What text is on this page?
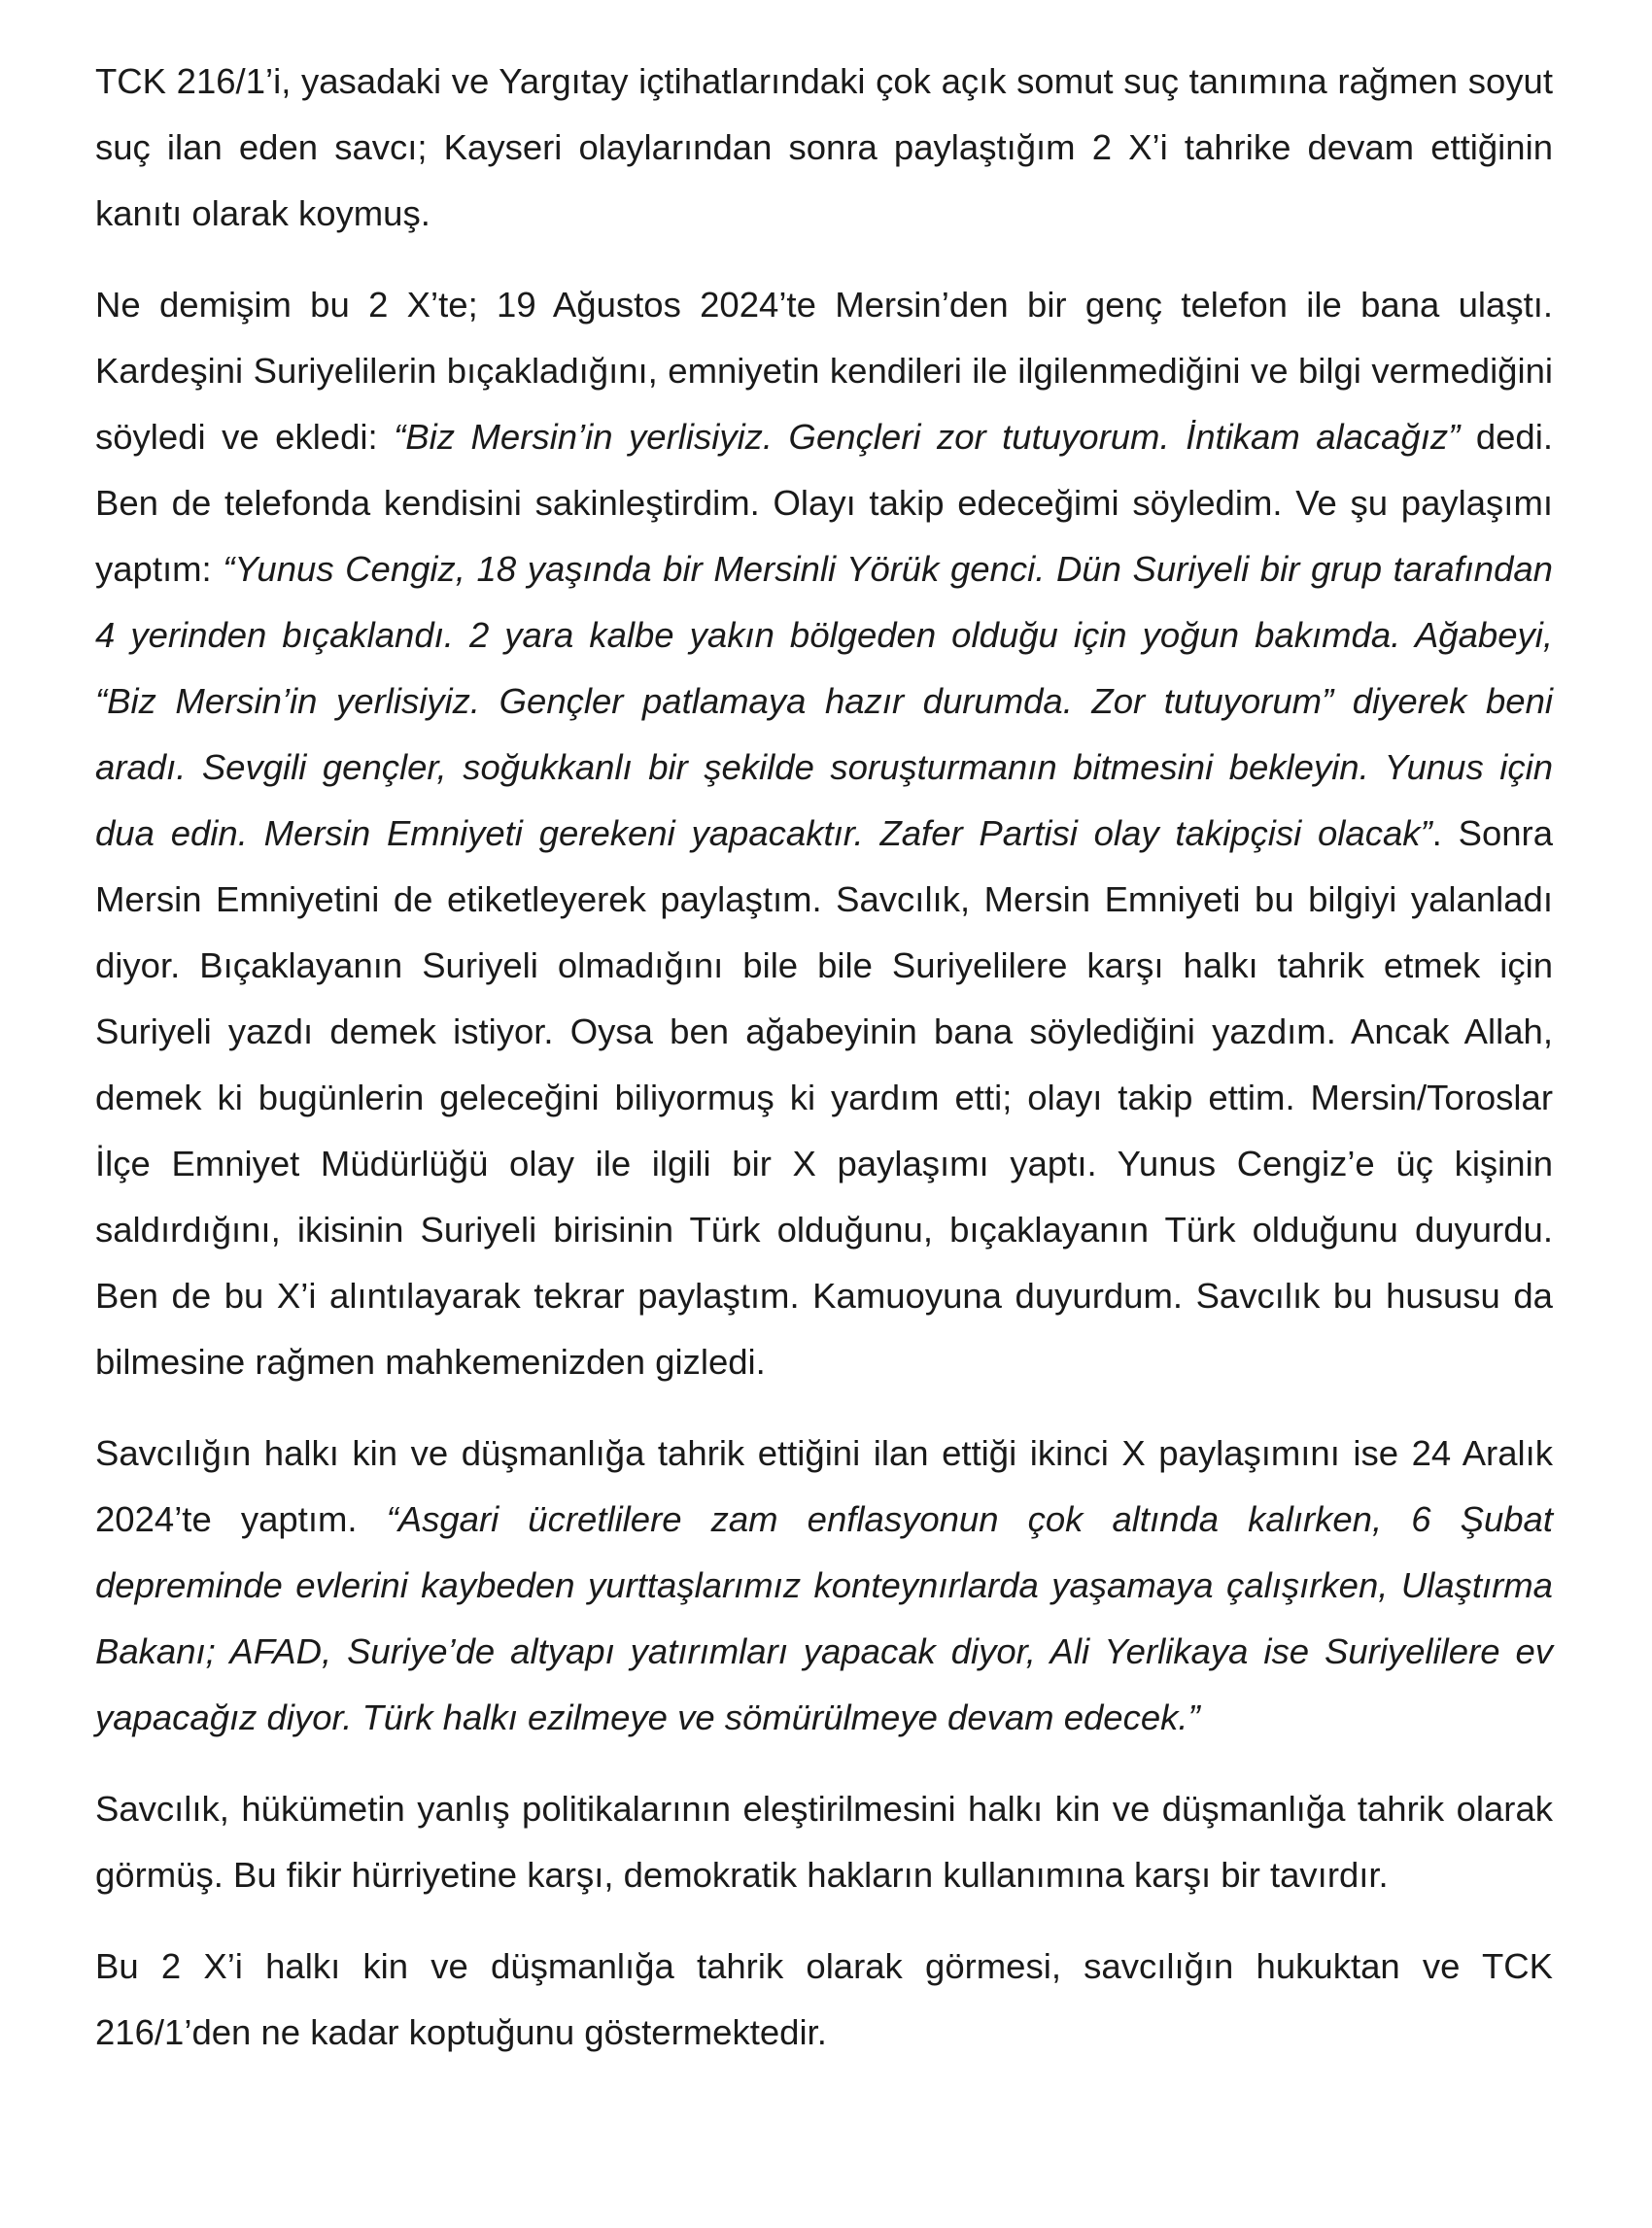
TCK 216/1’i, yasadaki ve Yargıtay içtihatlarındaki çok açık somut suç tanımına rağmen soyut suç ilan eden savcı; Kayseri olaylarından sonra paylaştığım 2 X’i tahrike devam ettiğinin kanıtı olarak koymuş.

Ne demişim bu 2 X’te; 19 Ağustos 2024’te Mersin’den bir genç telefon ile bana ulaştı. Kardeşini Suriyelilerin bıçakladığını, emniyetin kendileri ile ilgilenmediğini ve bilgi vermediğini söyledi ve ekledi: “Biz Mersin’in yerlisiyiz. Gençleri zor tutuyorum. İntikam alacağız” dedi. Ben de telefonda kendisini sakinleştirdim. Olayı takip edeceğimi söyledim. Ve şu paylaşımı yaptım: “Yunus Cengiz, 18 yaşında bir Mersinli Yörük genci. Dün Suriyeli bir grup tarafından 4 yerinden bıçaklandı. 2 yara kalbe yakın bölgeden olduğu için yoğun bakımda. Ağabeyi, “Biz Mersin’in yerlisiyiz. Gençler patlamaya hazır durumda. Zor tutuyorum” diyerek beni aradı. Sevgili gençler, soğukkanlı bir şekilde soruşturmanın bitmesini bekleyin. Yunus için dua edin. Mersin Emniyeti gerekeni yapacaktır. Zafer Partisi olay takipçisi olacak”. Sonra Mersin Emniyetini de etiketleyerek paylaştım. Savcılık, Mersin Emniyeti bu bilgiyi yalanladı diyor. Bıçaklayanın Suriyeli olmadığını bile bile Suriyelilere karşı halkı tahrik etmek için Suriyeli yazdı demek istiyor. Oysa ben ağabeyinin bana söylediğini yazdım. Ancak Allah, demek ki bugünlerin geleceğini biliyormuş ki yardım etti; olayı takip ettim. Mersin/Toroslar İlçe Emniyet Müdürlüğü olay ile ilgili bir X paylaşımı yaptı. Yunus Cengiz’e üç kişinin saldırdığını, ikisinin Suriyeli birisinin Türk olduğunu, bıçaklayanın Türk olduğunu duyurdu. Ben de bu X’i alıntılayarak tekrar paylaştım. Kamuoyuna duyurdum. Savcılık bu hususu da bilmesine rağmen mahkemenizden gizledi.

Savcılığın halkı kin ve düşmanlığa tahrik ettiğini ilan ettiği ikinci X paylaşımını ise 24 Aralık 2024’te yaptım. “Asgari ücretlilere zam enflasyonun çok altında kalırken, 6 Şubat depreminde evlerini kaybeden yurttaşlarımız konteynırlarda yaşamaya çalışırken, Ulaştırma Bakanı; AFAD, Suriye’de altyapı yatırımları yapacak diyor, Ali Yerlikaya ise Suriyelilere ev yapacağız diyor. Türk halkı ezilmeye ve sömürülmeye devam edecek.”

Savcılık, hükümetin yanlış politikalarının eleştirilmesini halkı kin ve düşmanlığa tahrik olarak görmüş. Bu fikir hürriyetine karşı, demokratik hakların kullanımına karşı bir tavırdır.

Bu 2 X’i halkı kin ve düşmanlığa tahrik olarak görmesi, savcılığın hukuktan ve TCK 216/1’den ne kadar koptuğunu göstermektedir.
